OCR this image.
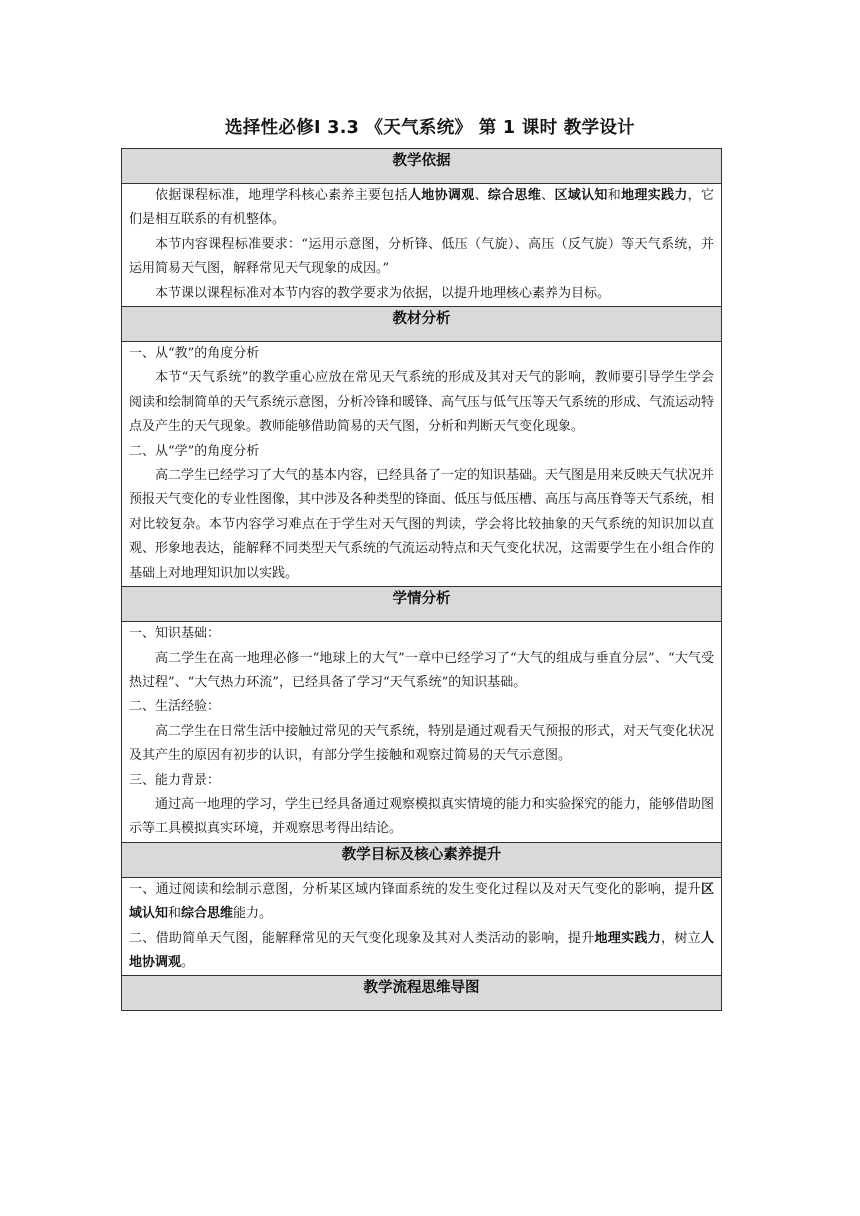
选择性必修Ⅰ 3.3 《天气系统》 第 1 课时 教学设计
教学依据

依据课程标准，地理学科核心素养主要包括人地协调观、综合思维、区域认知和地理实践力，它们是相互联系的有机整体。

本节内容课程标准要求：“运用示意图，分析锋、低压（气旋）、高压（反气旋）等天气系统，并运用简易天气图，解释常见天气现象的成因。”

本节课以课程标准对本节内容的教学要求为依据，以提升地理核心素养为目标。

教材分析

一、从“教”的角度分析

本节“天气系统”的教学重心应放在常见天气系统的形成及其对天气的影响，教师要引导学生学会阅读和绘制简单的天气系统示意图，分析冷锋和暖锋、高气压与低气压等天气系统的形成、气流运动特点及产生的天气现象。教师能够借助简易的天气图，分析和判断天气变化现象。

二、从“学”的角度分析

高二学生已经学习了大气的基本内容，已经具备了一定的知识基础。天气图是用来反映天气状况并预报天气变化的专业性图像，其中涉及各种类型的锋面、低压与低压槽、高压与高压脊等天气系统，相对比较复杂。本节内容学习难点在于学生对天气图的判读，学会将比较抽象的天气系统的知识加以直观、形象地表达，能解释不同类型天气系统的气流运动特点和天气变化状况，这需要学生在小组合作的基础上对地理知识加以实践。

学情分析

一、知识基础：

高二学生在高一地理必修一“地球上的大气”一章中已经学习了“大气的组成与垂直分层”、“大气受热过程”、“大气热力环流”，已经具备了学习“天气系统”的知识基础。

二、生活经验：

高二学生在日常生活中接触过常见的天气系统，特别是通过观看天气预报的形式，对天气变化状况及其产生的原因有初步的认识，有部分学生接触和观察过简易的天气示意图。

三、能力背景：

通过高一地理的学习，学生已经具备通过观察模拟真实情境的能力和实验探究的能力，能够借助图示等工具模拟真实环境，并观察思考得出结论。

教学目标及核心素养提升

一、通过阅读和绘制示意图，分析某区域内锋面系统的发生变化过程以及对天气变化的影响，提升区域认知和综合思维能力。

二、借助简单天气图，能解释常见的天气变化现象及其对人类活动的影响，提升地理实践力，树立人地协调观。

教学流程思维导图
